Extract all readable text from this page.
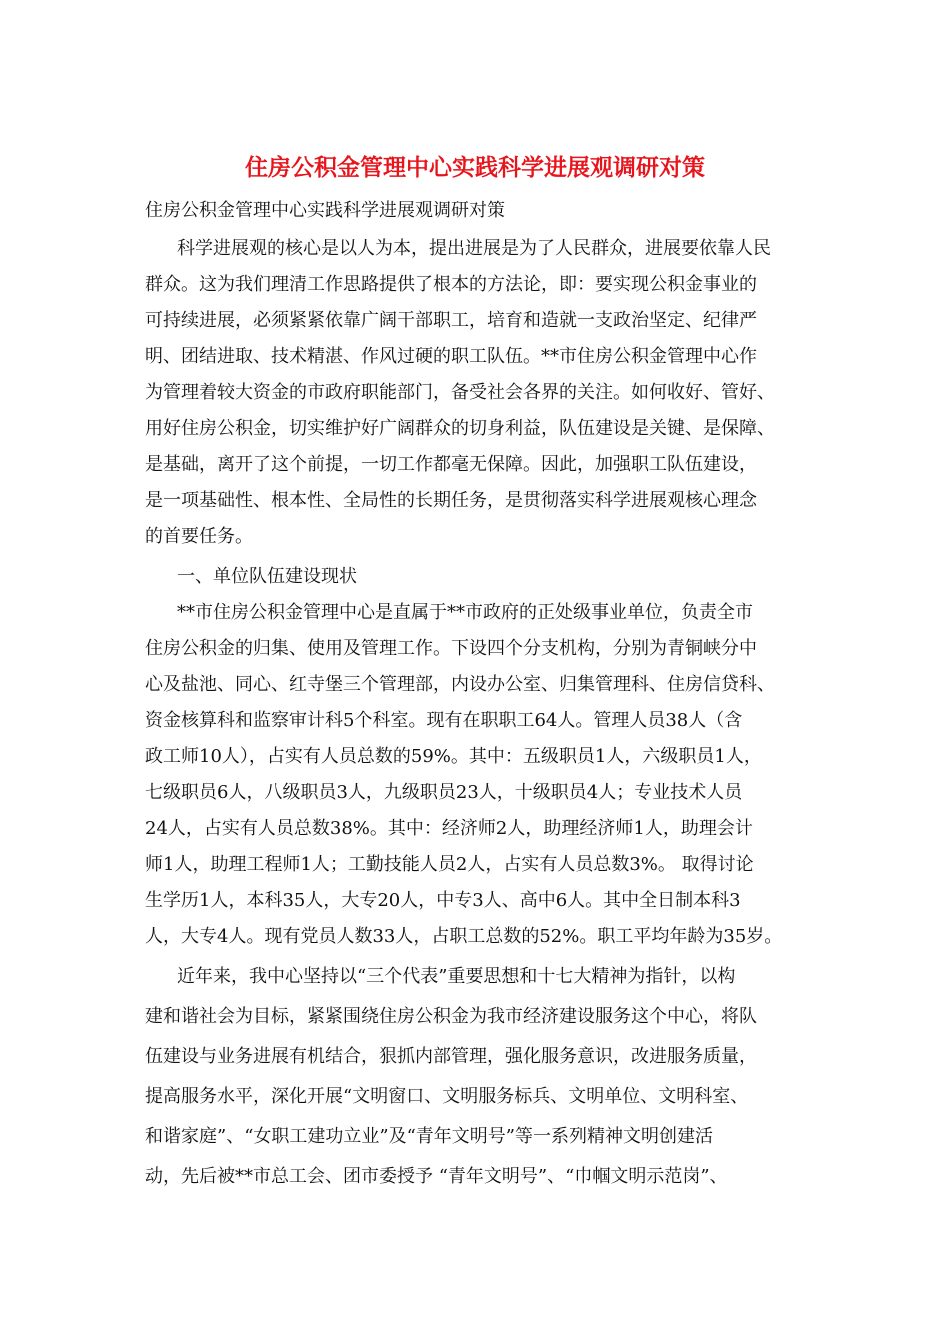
住房公积金管理中心实践科学进展观调研对策
住房公积金管理中心实践科学进展观调研对策
科学进展观的核心是以人为本，提出进展是为了人民群众，进展要依靠人民
群众。这为我们理清工作思路提供了根本的方法论，即：要实现公积金事业的
可持续进展，必须紧紧依靠广阔干部职工，培育和造就一支政治坚定、纪律严
明、团结进取、技术精湛、作风过硬的职工队伍。**市住房公积金管理中心作
为管理着较大资金的市政府职能部门，备受社会各界的关注。如何收好、管好、
用好住房公积金，切实维护好广阔群众的切身利益，队伍建设是关键、是保障、
是基础，离开了这个前提，一切工作都毫无保障。因此，加强职工队伍建设，
是一项基础性、根本性、全局性的长期任务，是贯彻落实科学进展观核心理念
的首要任务。
一、单位队伍建设现状
**市住房公积金管理中心是直属于**市政府的正处级事业单位，负责全市
住房公积金的归集、使用及管理工作。下设四个分支机构，分别为青铜峡分中
心及盐池、同心、红寺堡三个管理部，内设办公室、归集管理科、住房信贷科、
资金核算科和监察审计科5个科室。现有在职职工64人。管理人员38人（含
政工师10人），占实有人员总数的59%。其中：五级职员1人，六级职员1人，
七级职员6人，八级职员3人，九级职员23人，十级职员4人；专业技术人员
24人，占实有人员总数38%。其中：经济师2人，助理经济师1人，助理会计
师1人，助理工程师1人；工勤技能人员2人，占实有人员总数3%。 取得讨论
生学历1人，本科35人，大专20人，中专3人、高中6人。其中全日制本科3
人，大专4人。现有党员人数33人，占职工总数的52%。职工平均年龄为35岁。
近年来，我中心坚持以“三个代表”重要思想和十七大精神为指针，以构
建和谐社会为目标，紧紧围绕住房公积金为我市经济建设服务这个中心，将队
伍建设与业务进展有机结合，狠抓内部管理，强化服务意识，改进服务质量，
提高服务水平，深化开展“文明窗口、文明服务标兵、文明单位、文明科室、
和谐家庭”、“女职工建功立业”及“青年文明号”等一系列精神文明创建活
动，先后被**市总工会、团市委授予 “青年文明号”、“巾帼文明示范岗”、
